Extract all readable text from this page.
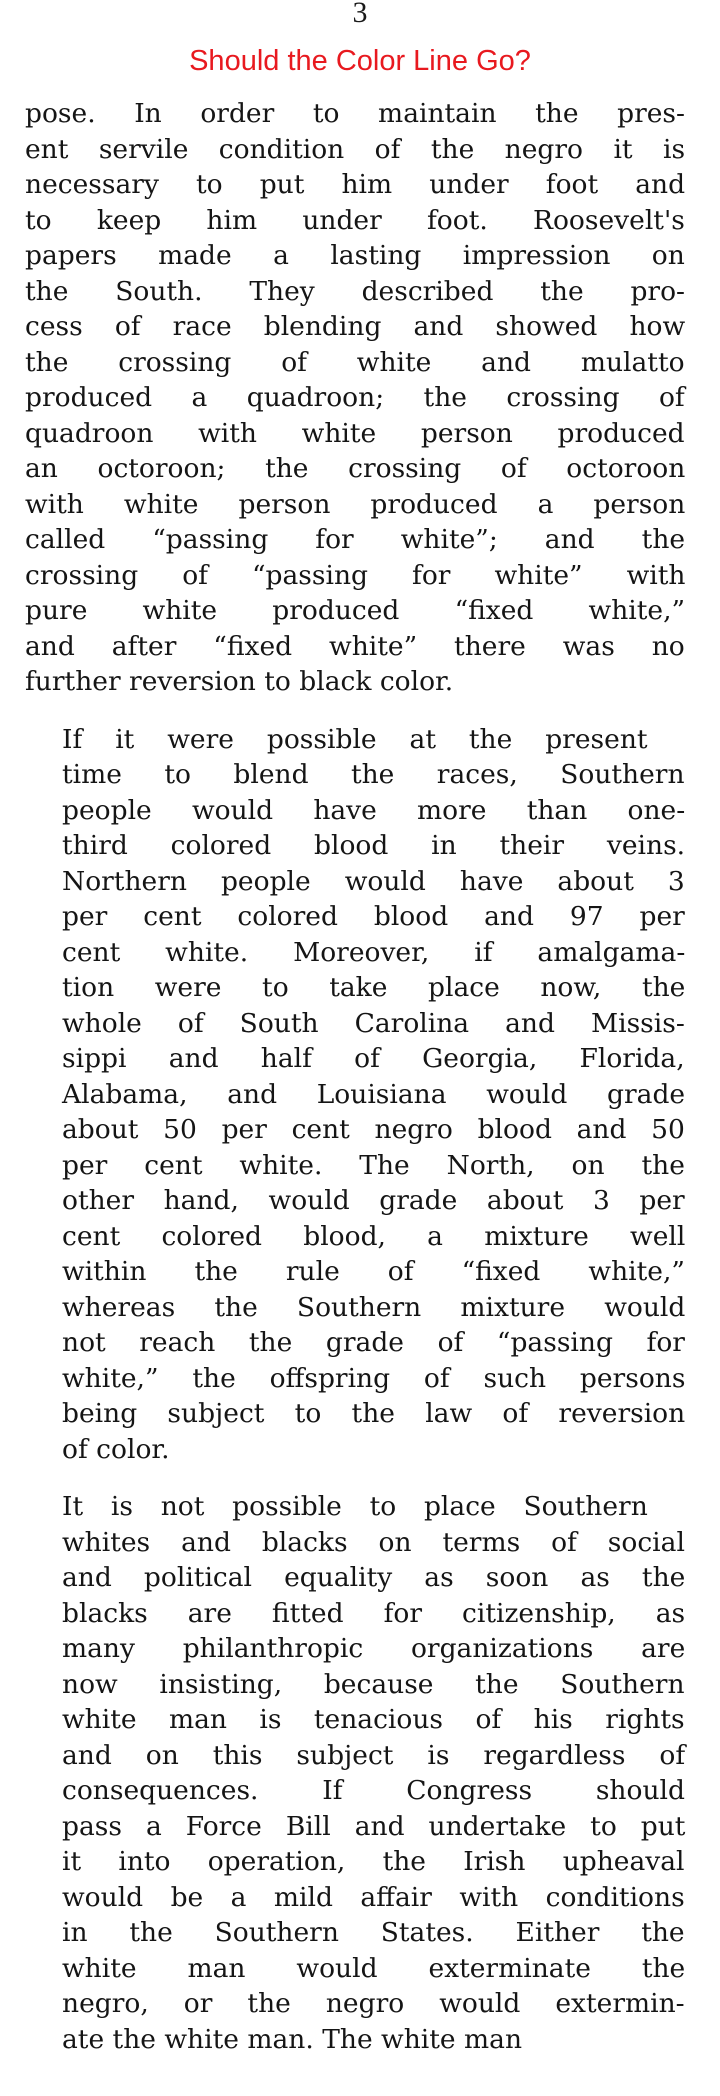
3
Should the Color Line Go?
pose. In order to maintain the pres-
ent servile condition of the negro it is
necessary to put him under foot and
to keep him under foot. Roosevelt's
papers made a lasting impression on
the South. They described the pro-
cess of race blending and showed how
the crossing of white and mulatto
produced a quadroon; the crossing of
quadroon with white person produced
an octoroon; the crossing of octoroon
with white person produced a person
called “passing for white”; and the
crossing of “passing for white” with
pure white produced “fixed white,”
and after “fixed white” there was no
further reversion to black color.
If it were possible at the present
time to blend the races, Southern
people would have more than one-
third colored blood in their veins.
Northern people would have about 3
per cent colored blood and 97 per
cent white. Moreover, if amalgama-
tion were to take place now, the
whole of South Carolina and Missis-
sippi and half of Georgia, Florida,
Alabama, and Louisiana would grade
about 50 per cent negro blood and 50
per cent white. The North, on the
other hand, would grade about 3 per
cent colored blood, a mixture well
within the rule of “fixed white,”
whereas the Southern mixture would
not reach the grade of “passing for
white,” the offspring of such persons
being subject to the law of reversion
of color.
It is not possible to place Southern
whites and blacks on terms of social
and political equality as soon as the
blacks are fitted for citizenship, as
many philanthropic organizations are
now insisting, because the Southern
white man is tenacious of his rights
and on this subject is regardless of
consequences. If Congress should
pass a Force Bill and undertake to put
it into operation, the Irish upheaval
would be a mild affair with conditions
in the Southern States. Either the
white man would exterminate the
negro, or the negro would extermin-
ate the white man. The white man
